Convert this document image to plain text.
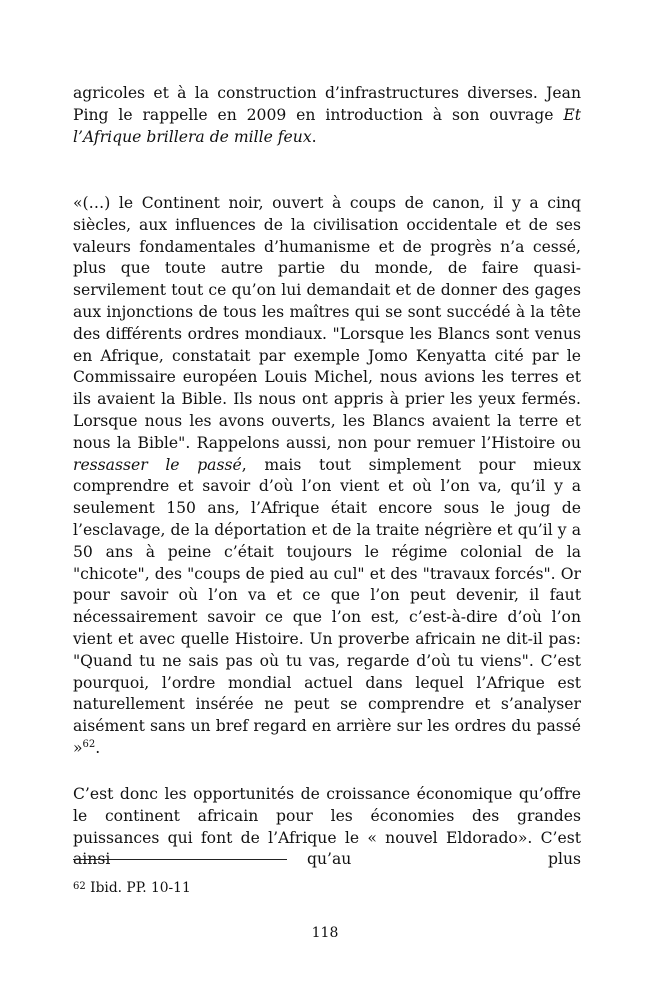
agricoles et à la construction d’infrastructures diverses. Jean Ping le rappelle en 2009 en introduction à son ouvrage Et l’Afrique brillera de mille feux.

«(…) le Continent noir, ouvert à coups de canon, il y a cinq siècles, aux influences de la civilisation occidentale et de ses valeurs fondamentales d’humanisme et de progrès n’a cessé, plus que toute autre partie du monde, de faire quasi-servilement tout ce qu’on lui demandait et de donner des gages aux injonctions de tous les maîtres qui se sont succédé à la tête des différents ordres mondiaux. "Lorsque les Blancs sont venus en Afrique, constatait par exemple Jomo Kenyatta cité par le Commissaire européen Louis Michel, nous avions les terres et ils avaient la Bible. Ils nous ont appris à prier les yeux fermés. Lorsque nous les avons ouverts, les Blancs avaient la terre et nous la Bible". Rappelons aussi, non pour remuer l’Histoire ou ressasser le passé, mais tout simplement pour mieux comprendre et savoir d’où l’on vient et où l’on va, qu’il y a seulement 150 ans, l’Afrique était encore sous le joug de l’esclavage, de la déportation et de la traite négrière et qu’il y a 50 ans à peine c’était toujours le régime colonial de la "chicote", des "coups de pied au cul" et des "travaux forcés". Or pour savoir où l’on va et ce que l’on peut devenir, il faut nécessairement savoir ce que l’on est, c’est-à-dire d’où l’on vient et avec quelle Histoire. Un proverbe africain ne dit-il pas: "Quand tu ne sais pas où tu vas, regarde d’où tu viens". C’est pourquoi, l’ordre mondial actuel dans lequel l’Afrique est naturellement insérée ne peut se comprendre et s’analyser aisément sans un bref regard en arrière sur les ordres du passé »$^{62}$.

C’est donc les opportunités de croissance économique qu’offre le continent africain pour les économies des grandes puissances qui font de l’Afrique le « nouvel Eldorado». C’est ainsi qu’au plus

$^{62}$ Ibid. PP. 10-11
118
